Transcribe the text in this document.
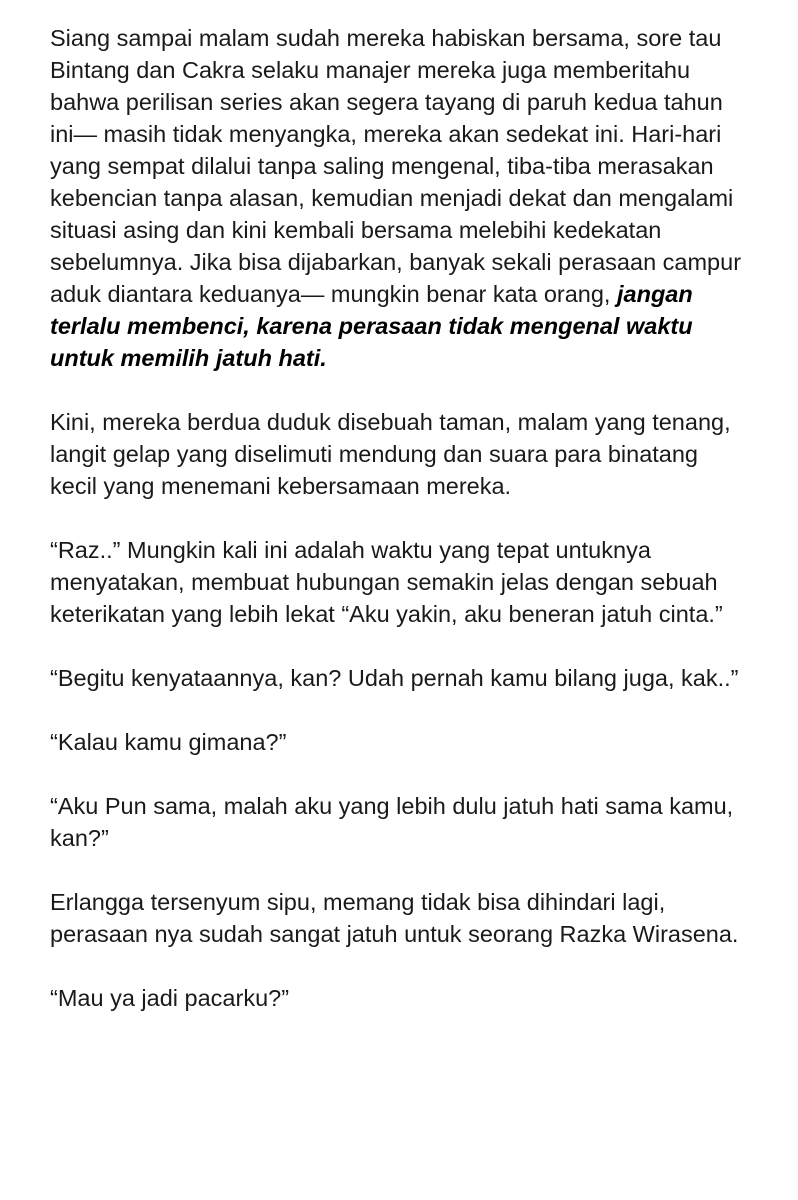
Siang sampai malam sudah mereka habiskan bersama, sore tau Bintang dan Cakra selaku manajer mereka juga memberitahu bahwa perilisan series akan segera tayang di paruh kedua tahun ini— masih tidak menyangka, mereka akan sedekat ini. Hari-hari yang sempat dilalui tanpa saling mengenal, tiba-tiba merasakan kebencian tanpa alasan, kemudian menjadi dekat dan mengalami situasi asing dan kini kembali bersama melebihi kedekatan sebelumnya. Jika bisa dijabarkan, banyak sekali perasaan campur aduk diantara keduanya— mungkin benar kata orang, jangan terlalu membenci, karena perasaan tidak mengenal waktu untuk memilih jatuh hati.

Kini, mereka berdua duduk disebuah taman, malam yang tenang, langit gelap yang diselimuti mendung dan suara para binatang kecil yang menemani kebersamaan mereka.

“Raz..” Mungkin kali ini adalah waktu yang tepat untuknya menyatakan, membuat hubungan semakin jelas dengan sebuah keterikatan yang lebih lekat “Aku yakin, aku beneran jatuh cinta.”

“Begitu kenyataannya, kan? Udah pernah kamu bilang juga, kak..”

“Kalau kamu gimana?”

“Aku Pun sama, malah aku yang lebih dulu jatuh hati sama kamu, kan?”

Erlangga tersenyum sipu, memang tidak bisa dihindari lagi, perasaan nya sudah sangat jatuh untuk seorang Razka Wirasena.

“Mau ya jadi pacarku?”
